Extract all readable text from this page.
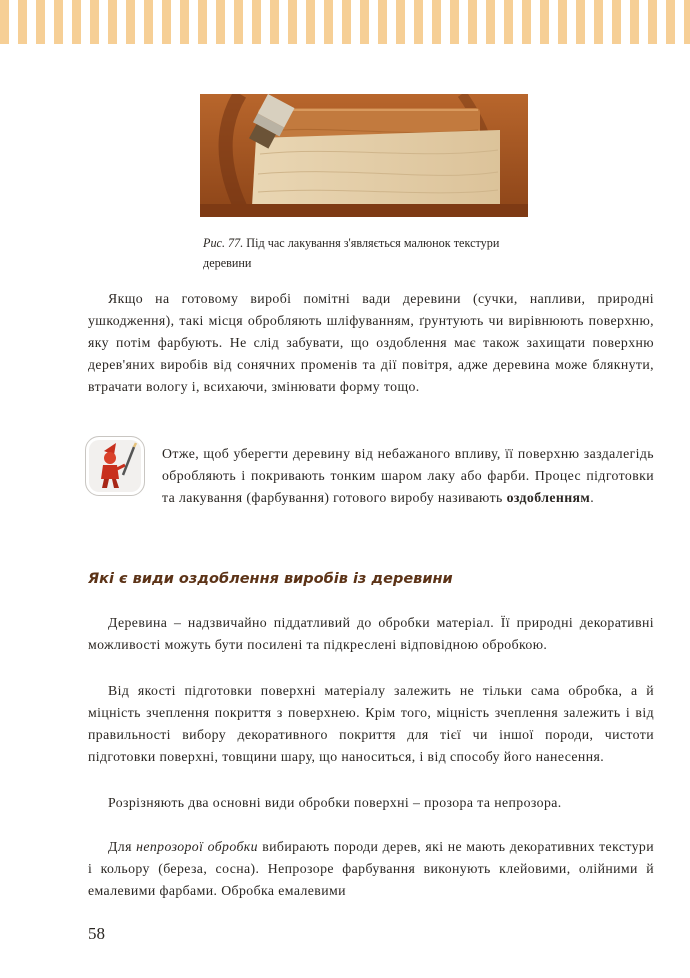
Рис. 77. Під час лакування з'являється малюнок текстури деревини

Якщо на готовому виробі помітні вади деревини (сучки, напливи, природні ушкодження), такі місця обробляють шліфуванням, ґрунтують чи вирівнюють поверхню, яку потім фарбують. Не слід забувати, що оздоблення має також захищати поверхню дерев'яних виробів від сонячних променів та дії повітря, адже деревина може блякнути, втрачати вологу і, всихаючи, змінювати форму тощо.

Отже, щоб уберегти деревину від небажаного впливу, її поверхню заздалегідь обробляють і покривають тонким шаром лаку або фарби. Процес підготовки та лакування (фарбування) готового виробу називають оздобленням.

Які є види оздоблення виробів із деревини

Деревина – надзвичайно піддатливий до обробки матеріал. Її природні декоративні можливості можуть бути посилені та підкреслені відповідною обробкою.

Від якості підготовки поверхні матеріалу залежить не тільки сама обробка, а й міцність зчеплення покриття з поверхнею. Крім того, міцність зчеплення залежить і від правильності вибору декоративного покриття для тієї чи іншої породи, чистоти підготовки поверхні, товщини шару, що наноситься, і від способу його нанесення.

Розрізняють два основні види обробки поверхні – прозора та непрозора.

Для непрозорої обробки вибирають породи дерев, які не мають декоративних текстури і кольору (береза, сосна). Непрозоре фарбування виконують клейовими, олійними й емалевими фарбами. Обробка емалевими

58
